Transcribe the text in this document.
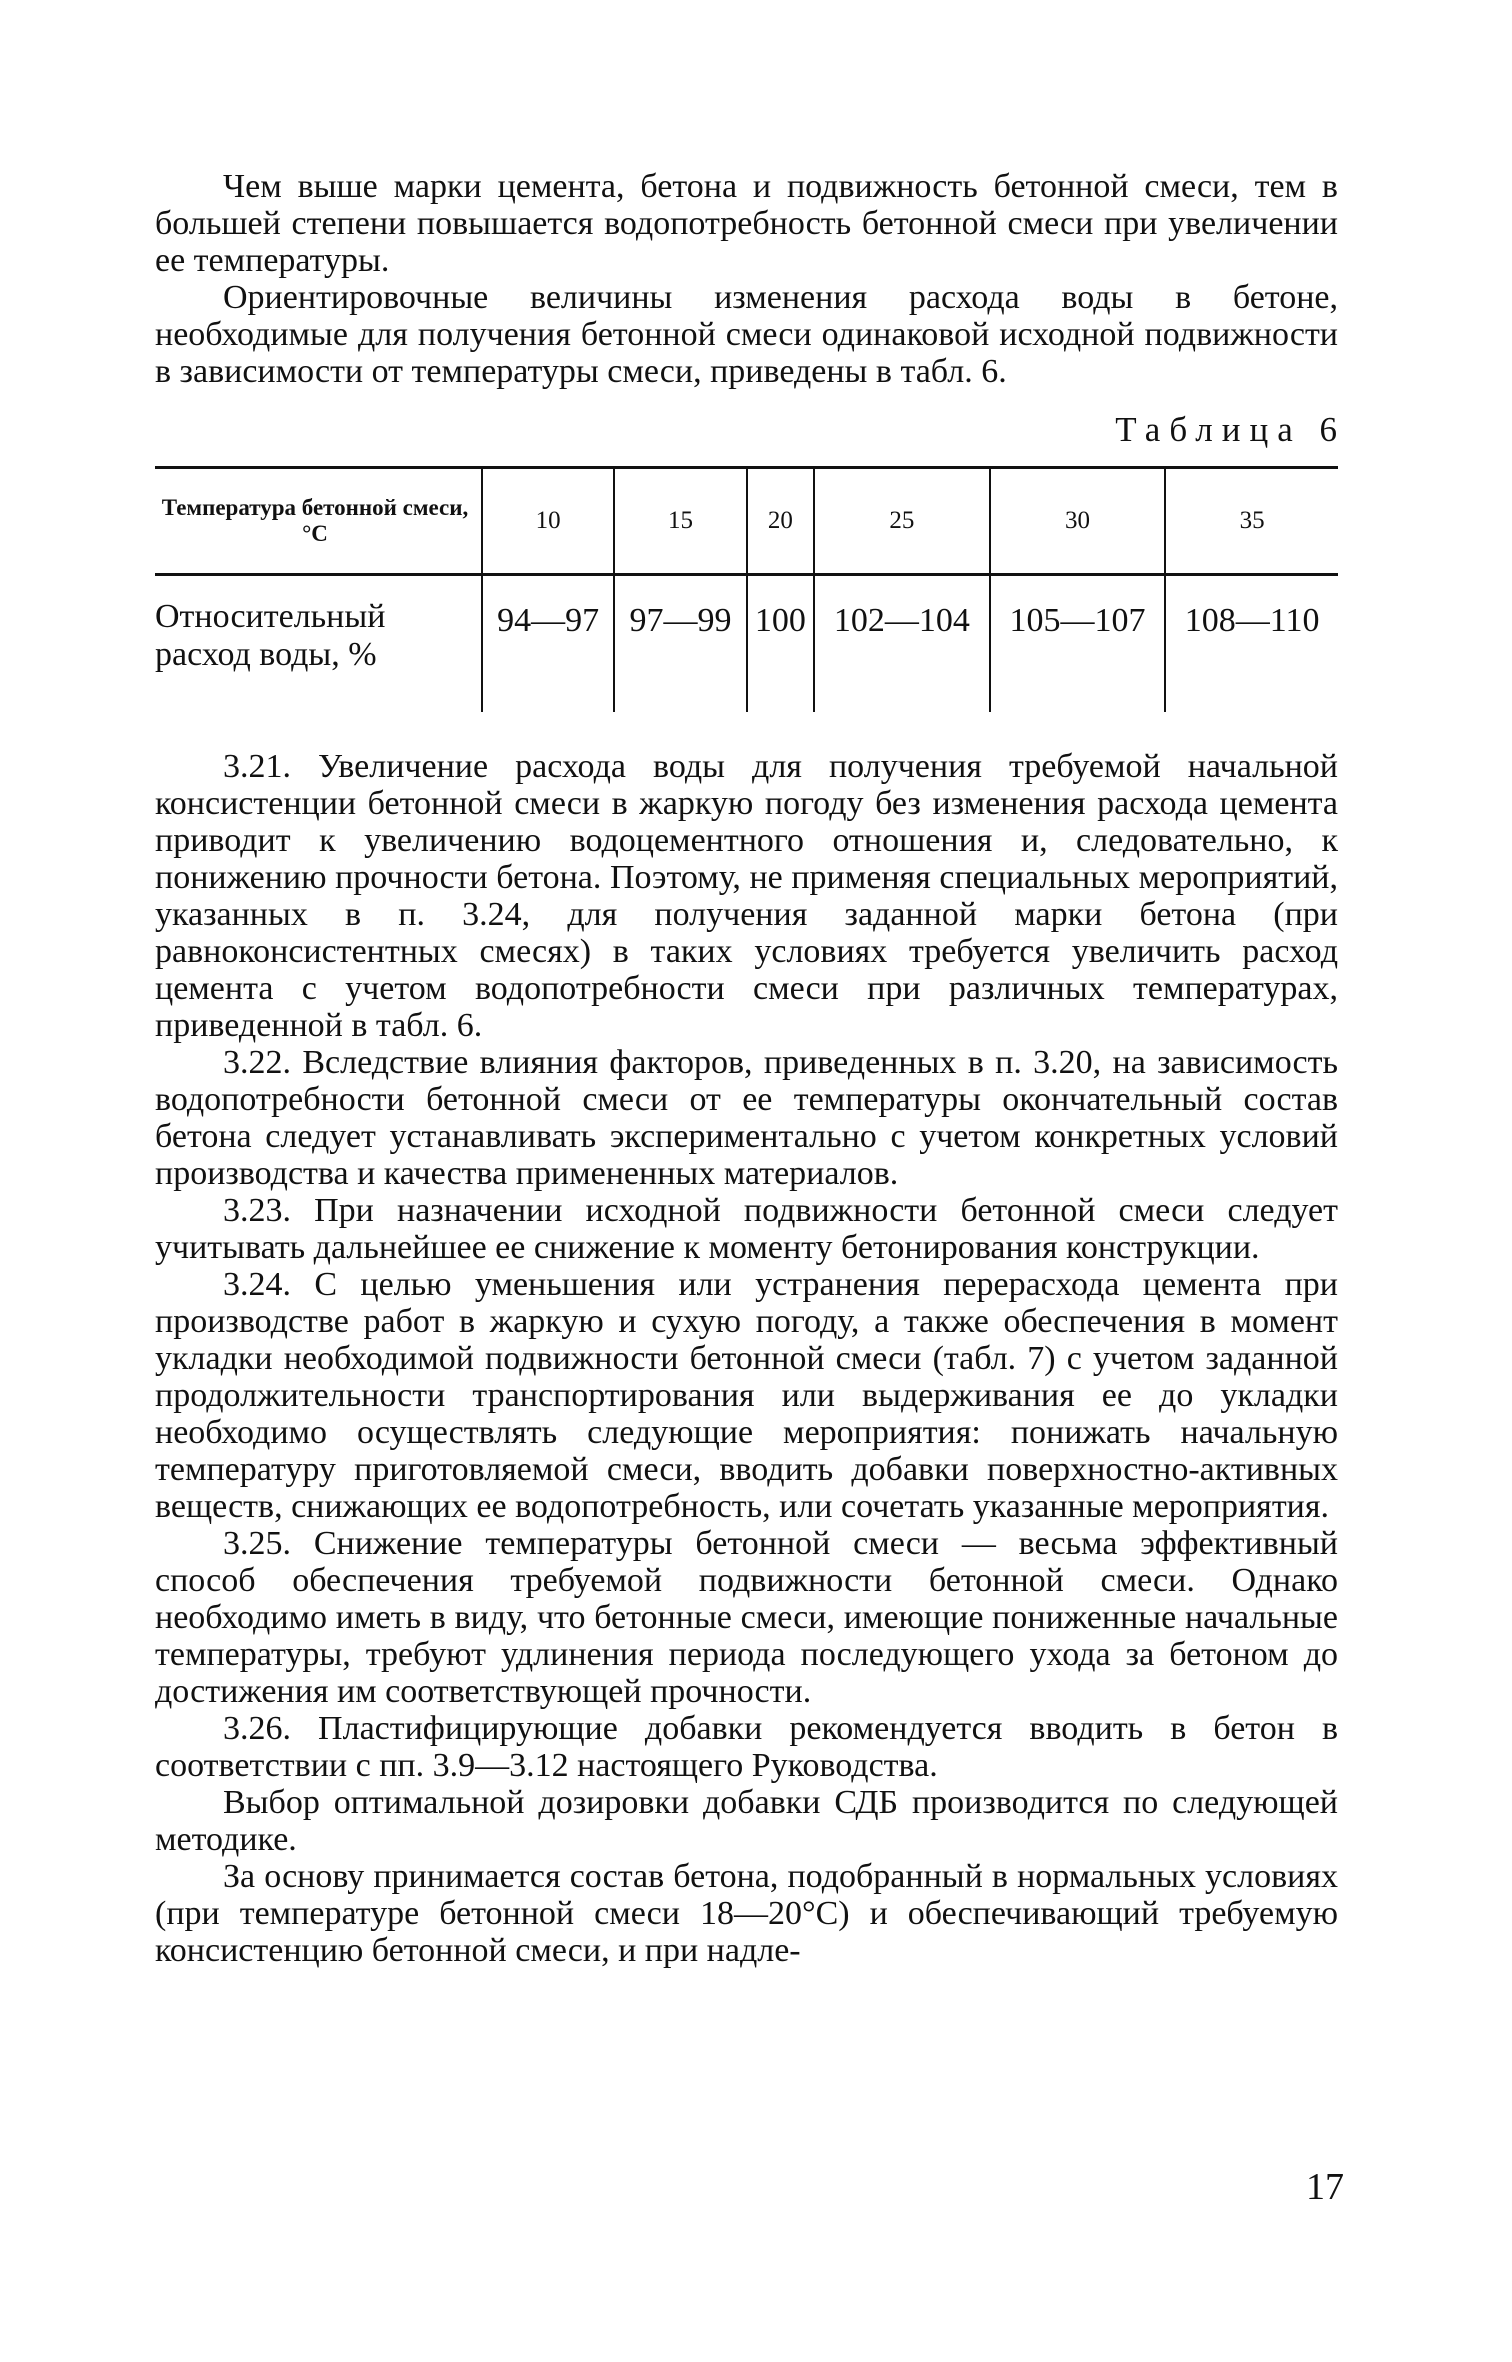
Чем выше марки цемента, бетона и подвижность бетонной смеси, тем в большей степени повышается водопотребность бетонной смеси при увеличении ее температуры.

Ориентировочные величины изменения расхода воды в бетоне, необходимые для получения бетонной смеси одинаковой исходной подвижности в зависимости от температуры смеси, приведены в табл. 6.

Таблица 6
Температура бетонной смеси, °С	10	15	20	25	30	35
Относительный расход воды, %	94—97	97—99	100	102—104	105—107	108—110

3.21. Увеличение расхода воды для получения требуемой начальной консистенции бетонной смеси в жаркую погоду без изменения расхода цемента приводит к увеличению водоцементного отношения и, следовательно, к понижению прочности бетона. Поэтому, не применяя специальных мероприятий, указанных в п. 3.24, для получения заданной марки бетона (при равноконсистентных смесях) в таких условиях требуется увеличить расход цемента с учетом водопотребности смеси при различных температурах, приведенной в табл. 6.

3.22. Вследствие влияния факторов, приведенных в п. 3.20, на зависимость водопотребности бетонной смеси от ее температуры окончательный состав бетона следует устанавливать экспериментально с учетом конкретных условий производства и качества примененных материалов.

3.23. При назначении исходной подвижности бетонной смеси следует учитывать дальнейшее ее снижение к моменту бетонирования конструкции.

3.24. С целью уменьшения или устранения перерасхода цемента при производстве работ в жаркую и сухую погоду, а также обеспечения в момент укладки необходимой подвижности бетонной смеси (табл. 7) с учетом заданной продолжительности транспортирования или выдерживания ее до укладки необходимо осуществлять следующие мероприятия: понижать начальную температуру приготовляемой смеси, вводить добавки поверхностно-активных веществ, снижающих ее водопотребность, или сочетать указанные мероприятия.

3.25. Снижение температуры бетонной смеси — весьма эффективный способ обеспечения требуемой подвижности бетонной смеси. Однако необходимо иметь в виду, что бетонные смеси, имеющие пониженные начальные температуры, требуют удлинения периода последующего ухода за бетоном до достижения им соответствующей прочности.

3.26. Пластифицирующие добавки рекомендуется вводить в бетон в соответствии с пп. 3.9—3.12 настоящего Руководства.

Выбор оптимальной дозировки добавки СДБ производится по следующей методике.

За основу принимается состав бетона, подобранный в нормальных условиях (при температуре бетонной смеси 18—20°С) и обеспечивающий требуемую консистенцию бетонной смеси, и при надле-

17
